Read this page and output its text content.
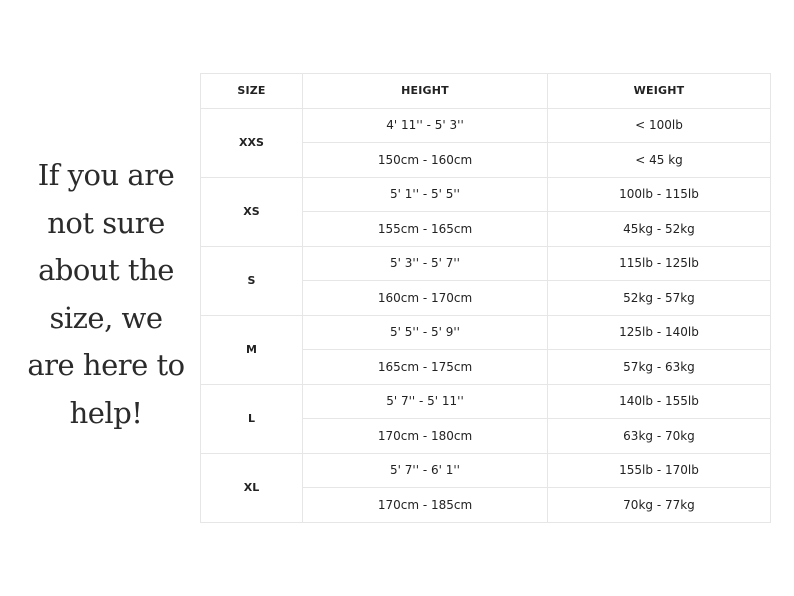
If you are
not sure
about the
size, we
are here to
help!
SIZE	HEIGHT	WEIGHT
XXS	4' 11'' - 5' 3''	< 100lb
	150cm - 160cm	< 45 kg
XS	5' 1'' - 5' 5''	100lb - 115lb
	155cm - 165cm	45kg - 52kg
S	5' 3'' - 5' 7''	115lb - 125lb
	160cm - 170cm	52kg - 57kg
M	5' 5'' - 5' 9''	125lb - 140lb
	165cm - 175cm	57kg - 63kg
L	5' 7'' - 5' 11''	140lb - 155lb
	170cm - 180cm	63kg - 70kg
XL	5' 7'' - 6' 1''	155lb - 170lb
	170cm - 185cm	70kg - 77kg
